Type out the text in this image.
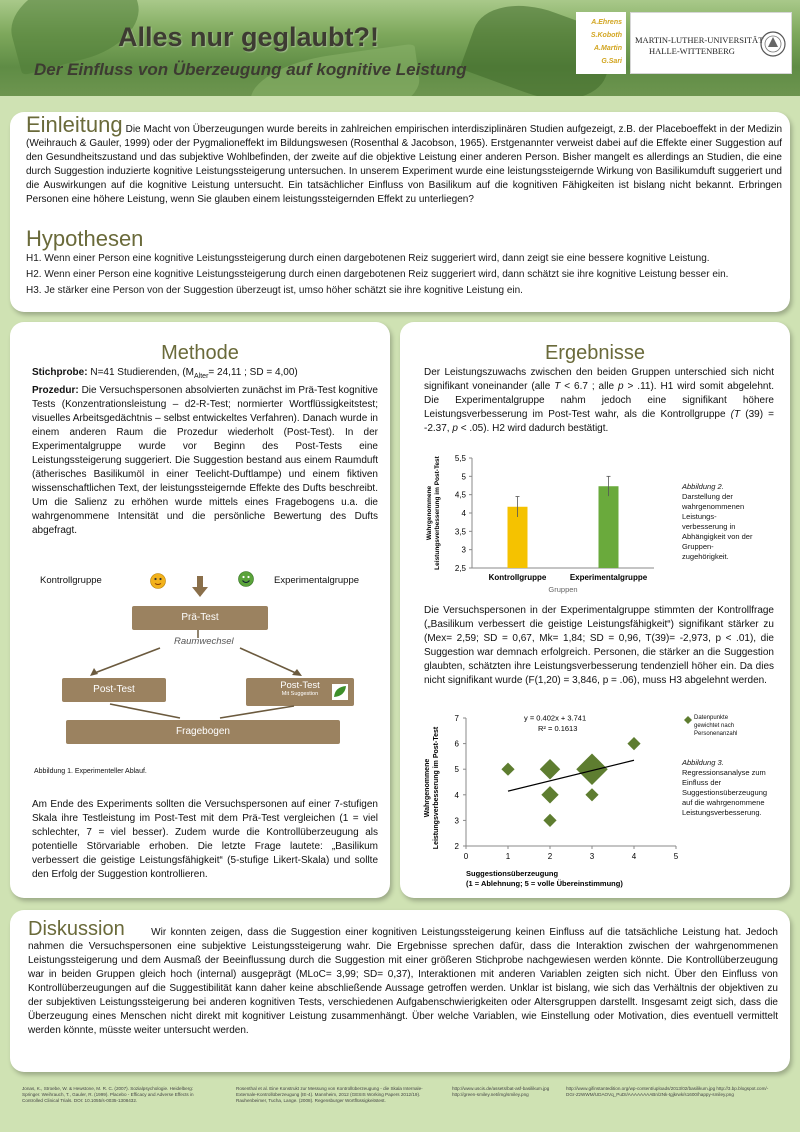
Alles nur geglaubt?!
Der Einfluss von Überzeugung auf kognitive Leistung
A.Ehrens
S.Koboth
A.Martin
G.Sari
MARTIN-LUTHER-UNIVERSITÄT
HALLE-WITTENBERG
Einleitung Die Macht von Überzeugungen wurde bereits in zahlreichen empirischen interdisziplinären Studien aufgezeigt, z.B. der Placeboeffekt in der Medizin (Weihrauch & Gauler, 1999) oder der Pygmalioneffekt im Bildungswesen (Rosenthal & Jacobson, 1965). Erstgenannter verweist dabei auf die Effekte einer Suggestion auf den Gesundheitszustand und das subjektive Wohlbefinden, der zweite auf die objektive Leistung einer anderen Person. Bisher mangelt es allerdings an Studien, die eine durch Suggestion induzierte kognitive Leistungssteigerung untersuchen. In unserem Experiment wurde eine leistungssteigernde Wirkung von Basilikumduft suggeriert und die Auswirkungen auf die kognitive Leistung untersucht. Ein tatsächlicher Einfluss von Basilikum auf die kognitiven Fähigkeiten ist bislang nicht bekannt. Erbringen Personen eine höhere Leistung, wenn Sie glauben einem leistungssteigernden Effekt zu unterliegen?
Hypothesen
H1. Wenn einer Person eine kognitive Leistungssteigerung durch einen dargebotenen Reiz suggeriert wird, dann zeigt sie eine bessere kognitive Leistung.
H2. Wenn einer Person eine kognitive Leistungssteigerung durch einen dargebotenen Reiz suggeriert wird, dann schätzt sie ihre kognitive Leistung besser ein.
H3. Je stärker eine Person von der Suggestion überzeugt ist, umso höher schätzt sie ihre kognitive Leistung ein.
Methode
Stichprobe: N=41 Studierenden, ($M_{Alter}= 24,11$ ; SD = 4,00)
Prozedur: Die Versuchspersonen absolvierten zunächst im Prä-Test kognitive Tests (Konzentrationsleistung – d2-R-Test; normierter Wortflüssigkeitstest; visuelles Arbeitsgedächtnis – selbst entwickeltes Verfahren). Danach wurde in einem anderen Raum die Prozedur wiederholt (Post-Test). In der Experimentalgruppe wurde vor Beginn des Post-Tests eine Leistungssteigerung suggeriert. Die Suggestion bestand aus einem Raumduft (ätherisches Basilikumöl in einer Teelicht-Duftlampe) und einem fiktiven wissenschaftlichen Text, der leistungssteigernde Effekte des Dufts beschreibt. Um die Salienz zu erhöhen wurde mittels eines Fragebogens u.a. die wahrgenommene Intensität und die persönliche Bewertung des Dufts abgefragt.
Kontrollgruppe	Experimentalgruppe
Prä-Test
Raumwechsel
Post-Test	Post-Test
Mit Suggestion
Fragebogen
Abbildung 1. Experimenteller Ablauf.
Am Ende des Experiments sollten die Versuchspersonen auf einer 7-stufigen Skala ihre Testleistung im Post-Test mit dem Prä-Test vergleichen (1 = viel schlechter, 7 = viel besser). Zudem wurde die Kontrollüberzeugung als potentielle Störvariable erhoben. Die letzte Frage lautete: „Basilikum verbessert die geistige Leistungsfähigkeit“ (5-stufige Likert-Skala) und sollte den Erfolg der Suggestion kontrollieren.
Ergebnisse
Der Leistungszuwachs zwischen den beiden Gruppen unterschied sich nicht signifikant voneinander (alle T < 6.7 ; alle p > .11). H1 wird somit abgelehnt. Die Experimentalgruppe nahm jedoch eine signifikant höhere Leistungsverbesserung im Post-Test wahr, als die Kontrollgruppe (T (39) = -2.37, p < .05). H2 wird dadurch bestätigt.
2,5
3
3,5
4
4,5
5
5,5
Kontrollgruppe	Experimentalgruppe
Gruppen
WahrgenommeneLeistungsverbesserung im Post-Test	Abbildung 2.
Darstellung der
wahrgenommenen
Leistungs-
verbesserung in
Abhängigkeit von der
Gruppen-
zugehörigkeit.
Die Versuchspersonen in der Experimentalgruppe stimmten der Kontrollfrage („Basilikum verbessert die geistige Leistungsfähigkeit“) signifikant stärker zu (Mex= 2,59; SD = 0,67, Mk= 1,84; SD = 0,96, T(39)= -2,973, p < .01), die Suggestion war demnach erfolgreich. Personen, die stärker an die Suggestion glaubten, schätzten ihre Leistungsverbesserung tendenziell höher ein. Da dies nicht signifikant wurde (F(1,20) = 3,846, p = .06), muss H3 abgelehnt werden.
2
3
4
5
6
7
0	1	2	3	4	5
y = 0.402x + 3.741
R² = 0.1613
Suggestionsüberzeugung
(1 = Ablehnung; 5 = volle Übereinstimmung)
Wahrgenommene Leistungsverbesserung im Post-Test
Datenpunkte
gewichtet nach
Personenanzahl
Abbildung 3.
Regressionsanalyse zum
Einfluss der
Suggestionsüberzeugung
auf die wahrgenommene
Leistungsverbesserung.
Diskussion	Wir konnten zeigen, dass die Suggestion einer kognitiven Leistungssteigerung keinen Einfluss auf die tatsächliche Leistung hat. Jedoch nahmen die Versuchspersonen eine subjektive Leistungssteigerung wahr. Die Ergebnisse sprechen dafür, dass die Interaktion zwischen der wahrgenommenen Leistungssteigerung und dem Ausmaß der Beeinflussung durch die Suggestion mit einer größeren Stichprobe nachgewiesen werden könnte. Die Kontrollüberzeugung war in beiden Gruppen gleich hoch (internal) ausgeprägt (MLoC= 3,99; SD= 0,37), Interaktionen mit anderen Variablen zeigten sich nicht. Über den Einfluss von Kontrollüberzeugungen auf die Suggestibilität kann daher keine abschließende Aussage getroffen werden. Unklar ist bislang, wie sich das Verhältnis der objektiven zu der subjektiven Leistungssteigerung bei anderen kognitiven Tests, verschiedenen Aufgabenschwierigkeiten oder Altersgruppen darstellt. Insgesamt zeigt sich, dass die Überzeugung eines Menschen nicht direkt mit kognitiver Leistung zusammenhängt. Über welche Variablen, wie Einstellung oder Motivation, dies eventuell vermittelt werden könnte, müsste weiter untersucht werden.
Jonas, K., Stroebe, W. & Hewstone, M. R. C. (2007). Sozialpsychologie. Heidelberg: Springer. Weihrauch, T., Gauler, R. (1999). Placebo - Efficacy and Adverse Effects in Controlled Clinical Trials. DOI: 10.1055/s-0035-1308432.
Rosenthal et al. Eine Konstrukt zur Messung von Kontrollüberzeugung - die Skala Internale-Externale-Kontrollüberzeugung (IE-4). Mannheim, 2012 (GESIS Working Papers 2012/19). Rauhenbeimer, Tucha, Lange. (2008). Regensburger Wortflüssigkeitstest.
http://www.uscis.de/assets/bat-asf-basilikum.jpg http://green-smiley.net/img/smiley.png
http://www.gifinstantedition.org/wp-content/uploads/2013/02/basilikum.jpg http://3.bp.blogspot.com/-DGr-ZzWWM/UDAOVq_PuDI/AAAAAAAABn/2Nk-tgjkrwk/s1600/happy-smiley.png
